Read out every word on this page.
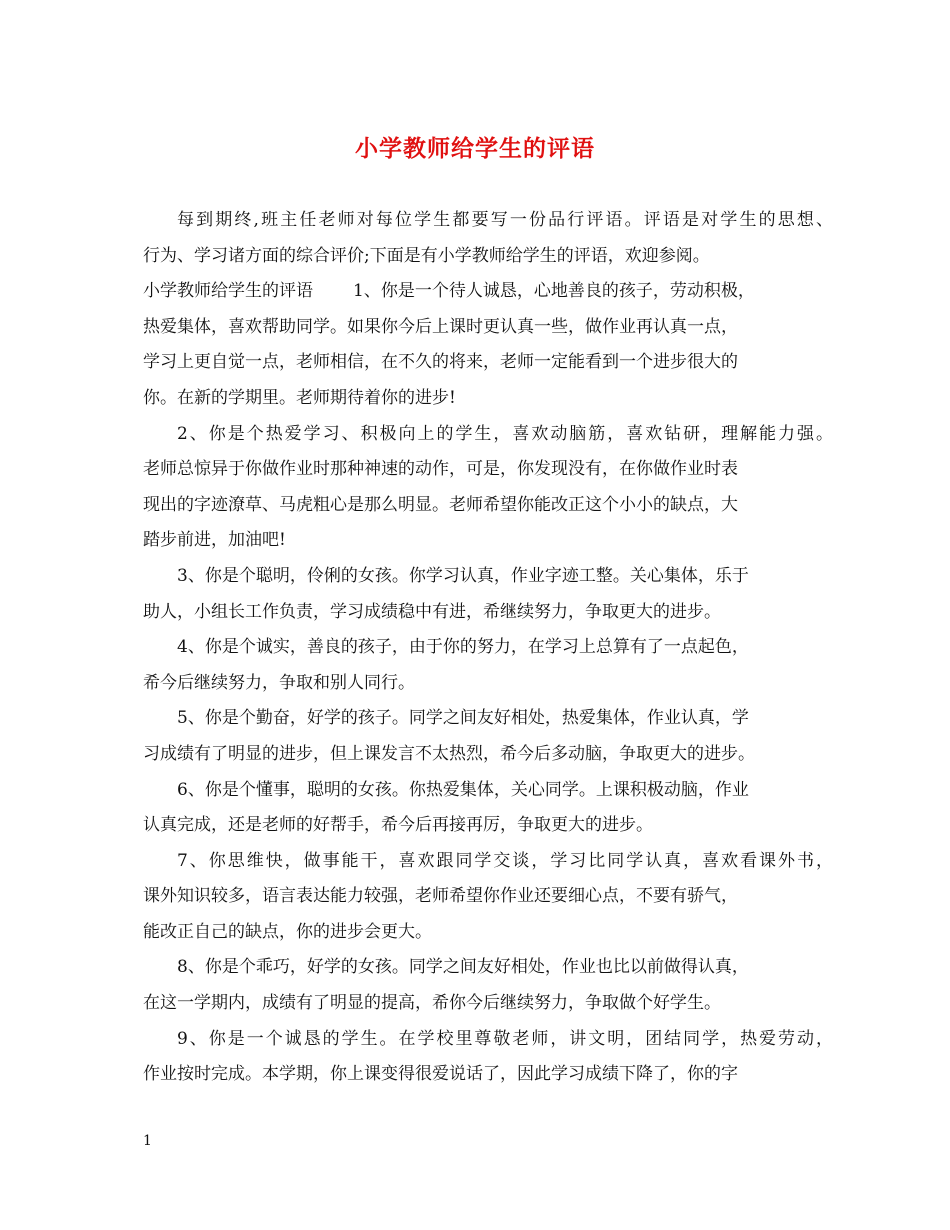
小学教师给学生的评语
每到期终,班主任老师对每位学生都要写一份品行评语。评语是对学生的思想、
行为、学习诸方面的综合评价;下面是有小学教师给学生的评语，欢迎参阅。
小学教师给学生的评语 1、你是一个待人诚恳，心地善良的孩子，劳动积极，
热爱集体，喜欢帮助同学。如果你今后上课时更认真一些，做作业再认真一点，
学习上更自觉一点，老师相信，在不久的将来，老师一定能看到一个进步很大的
你。在新的学期里。老师期待着你的进步!
2、你是个热爱学习、积极向上的学生，喜欢动脑筋，喜欢钻研，理解能力强。
老师总惊异于你做作业时那种神速的动作，可是，你发现没有，在你做作业时表
现出的字迹潦草、马虎粗心是那么明显。老师希望你能改正这个小小的缺点，大
踏步前进，加油吧!
3、你是个聪明，伶俐的女孩。你学习认真，作业字迹工整。关心集体，乐于
助人，小组长工作负责，学习成绩稳中有进，希继续努力，争取更大的进步。
4、你是个诚实，善良的孩子，由于你的努力，在学习上总算有了一点起色，
希今后继续努力，争取和别人同行。
5、你是个勤奋，好学的孩子。同学之间友好相处，热爱集体，作业认真，学
习成绩有了明显的进步，但上课发言不太热烈，希今后多动脑，争取更大的进步。
6、你是个懂事，聪明的女孩。你热爱集体，关心同学。上课积极动脑，作业
认真完成，还是老师的好帮手，希今后再接再厉，争取更大的进步。
7、你思维快，做事能干，喜欢跟同学交谈，学习比同学认真，喜欢看课外书，
课外知识较多，语言表达能力较强，老师希望你作业还要细心点，不要有骄气，
能改正自己的缺点，你的进步会更大。
8、你是个乖巧，好学的女孩。同学之间友好相处，作业也比以前做得认真，
在这一学期内，成绩有了明显的提高，希你今后继续努力，争取做个好学生。
9、你是一个诚恳的学生。在学校里尊敬老师，讲文明，团结同学，热爱劳动，
作业按时完成。本学期，你上课变得很爱说话了，因此学习成绩下降了，你的字
1
